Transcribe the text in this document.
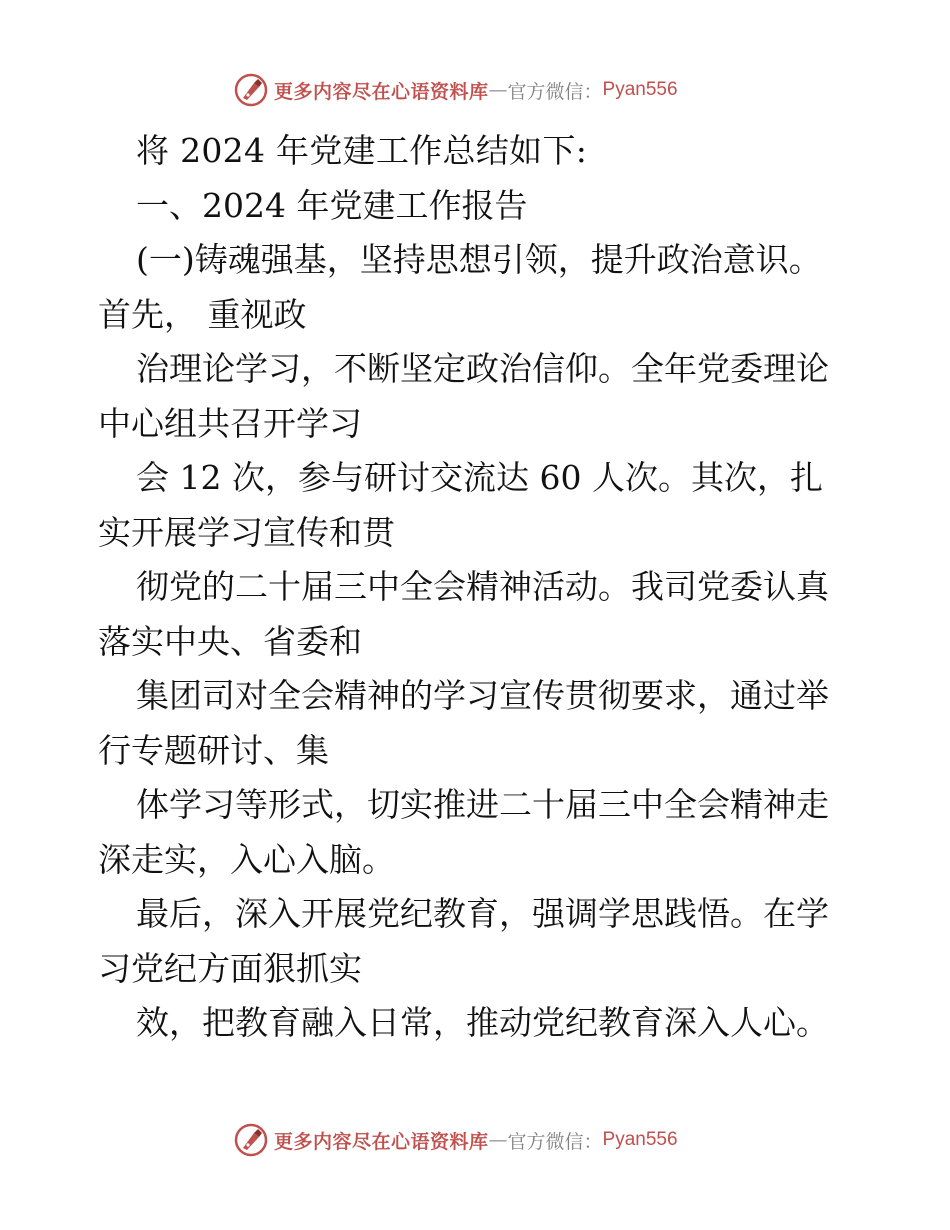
更多内容尽在心语资料库 — 官方微信： Pyan556
将 2024 年党建工作总结如下:
一、2024 年党建工作报告
(一)铸魂强基，坚持思想引领，提升政治意识。
首先， 重视政
治理论学习，不断坚定政治信仰。全年党委理论
中心组共召开学习
会 12 次，参与研讨交流达 60 人次。其次，扎
实开展学习宣传和贯
彻党的二十届三中全会精神活动。我司党委认真
落实中央、省委和
集团司对全会精神的学习宣传贯彻要求，通过举
行专题研讨、集
体学习等形式，切实推进二十届三中全会精神走
深走实，入心入脑。
最后，深入开展党纪教育，强调学思践悟。在学
习党纪方面狠抓实
效，把教育融入日常，推动党纪教育深入人心。
更多内容尽在心语资料库 — 官方微信： Pyan556
